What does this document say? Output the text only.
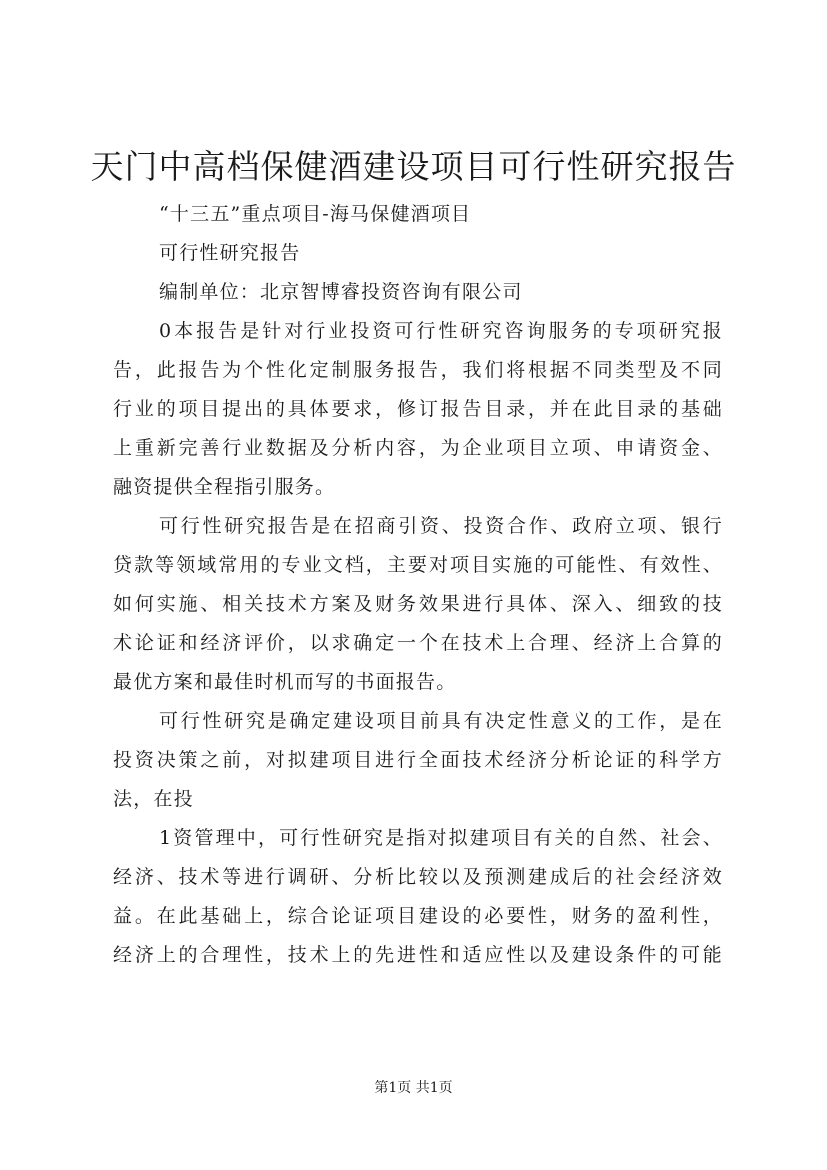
天门中高档保健酒建设项目可行性研究报告
“十三五”重点项目-海马保健酒项目
可行性研究报告
编制单位：北京智博睿投资咨询有限公司
0本报告是针对行业投资可行性研究咨询服务的专项研究报
告，此报告为个性化定制服务报告，我们将根据不同类型及不同
行业的项目提出的具体要求，修订报告目录，并在此目录的基础
上重新完善行业数据及分析内容，为企业项目立项、申请资金、
融资提供全程指引服务。
可行性研究报告是在招商引资、投资合作、政府立项、银行
贷款等领域常用的专业文档，主要对项目实施的可能性、有效性、
如何实施、相关技术方案及财务效果进行具体、深入、细致的技
术论证和经济评价，以求确定一个在技术上合理、经济上合算的
最优方案和最佳时机而写的书面报告。
可行性研究是确定建设项目前具有决定性意义的工作，是在
投资决策之前，对拟建项目进行全面技术经济分析论证的科学方
法，在投
1资管理中，可行性研究是指对拟建项目有关的自然、社会、
经济、技术等进行调研、分析比较以及预测建成后的社会经济效
益。在此基础上，综合论证项目建设的必要性，财务的盈利性，
经济上的合理性，技术上的先进性和适应性以及建设条件的可能
第1页 共1页
